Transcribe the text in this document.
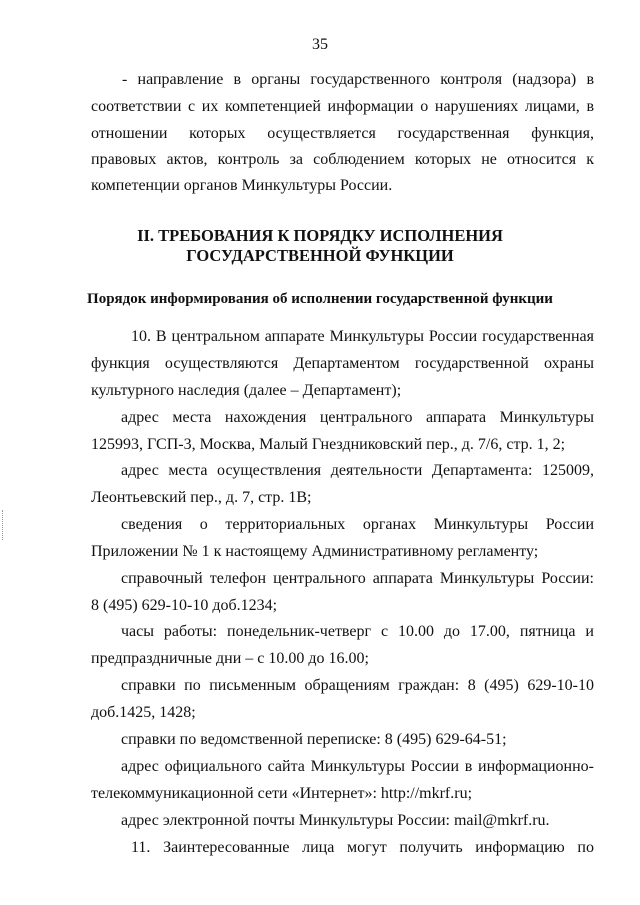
35
- направление в органы государственного контроля (надзора) в
соответствии с их компетенцией информации о нарушениях лицами, в
отношении которых осуществляется государственная функция,
правовых актов, контроль за соблюдением которых не относится к
компетенции органов Минкультуры России.
II. ТРЕБОВАНИЯ К ПОРЯДКУ ИСПОЛНЕНИЯ
ГОСУДАРСТВЕННОЙ ФУНКЦИИ
Порядок информирования об исполнении государственной функции
10. В центральном аппарате Минкультуры России государственная
функция осуществляются Департаментом государственной охраны
культурного наследия (далее – Департамент);
адрес места нахождения центрального аппарата Минкультуры
125993, ГСП-3, Москва, Малый Гнездниковский пер., д. 7/6, стр. 1, 2;
адрес места осуществления деятельности Департамента: 125009,
Леонтьевский пер., д. 7, стр. 1В;
сведения о территориальных органах Минкультуры России
Приложении № 1 к настоящему Административному регламенту;
справочный телефон центрального аппарата Минкультуры России:
8 (495) 629-10-10 доб.1234;
часы работы: понедельник-четверг с 10.00 до 17.00, пятница и
предпраздничные дни – с 10.00 до 16.00;
справки по письменным обращениям граждан: 8 (495) 629-10-10
доб.1425, 1428;
справки по ведомственной переписке: 8 (495) 629-64-51;
адрес официального сайта Минкультуры России в информационно-
телекоммуникационной сети «Интернет»: http://mkrf.ru;
адрес электронной почты Минкультуры России: mail@mkrf.ru.
11. Заинтересованные лица могут получить информацию по
